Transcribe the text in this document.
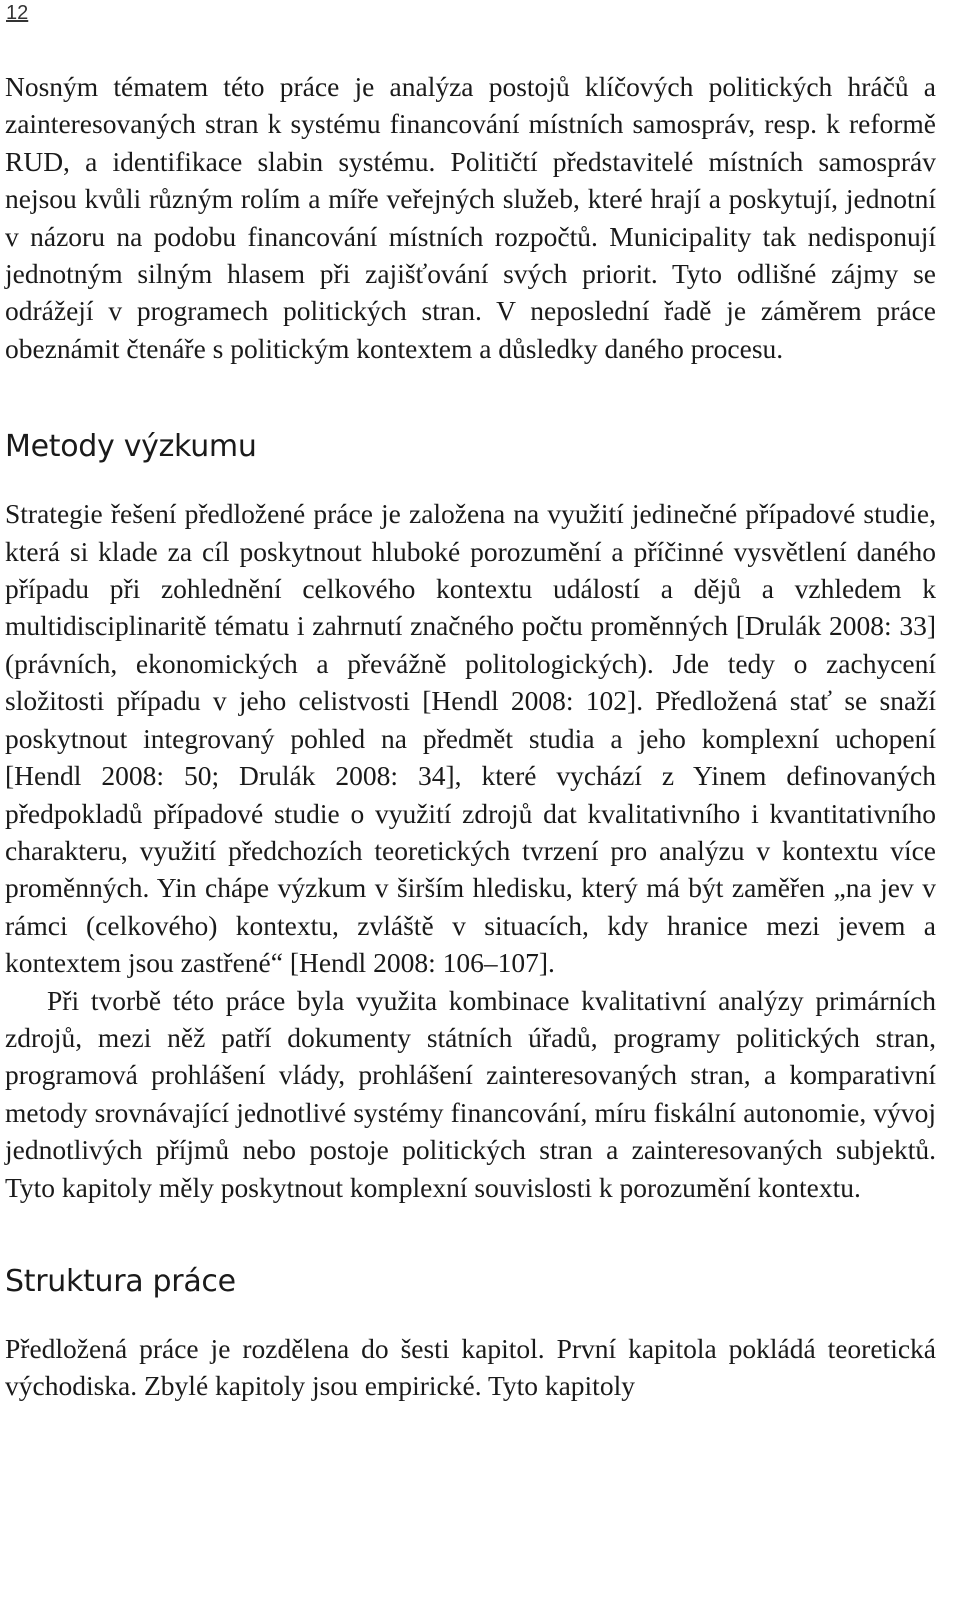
12

Nosným tématem této práce je analýza postojů klíčových politických hráčů a zainteresovaných stran k systému financování místních samospráv, resp. k reformě RUD, a identifikace slabin systému. Političtí představitelé místních samospráv nejsou kvůli různým rolím a míře veřejných služeb, které hrají a poskytují, jednotní v názoru na podobu financování místních rozpočtů. Municipality tak nedisponují jednotným silným hlasem při zajišťování svých priorit. Tyto odlišné zájmy se odrážejí v programech politických stran. V neposlední řadě je záměrem práce obeznámit čtenáře s politickým kontextem a důsledky daného procesu.

Metody výzkumu

Strategie řešení předložené práce je založena na využití jedinečné případové studie, která si klade za cíl poskytnout hluboké porozumění a příčinné vysvětlení daného případu při zohlednění celkového kontextu událostí a dějů a vzhledem k multidisciplinaritě tématu i zahrnutí značného počtu proměnných [Drulák 2008: 33] (právních, ekonomických a převážně politologických). Jde tedy o zachycení složitosti případu v jeho celistvosti [Hendl 2008: 102]. Předložená stať se snaží poskytnout integrovaný pohled na předmět studia a jeho komplexní uchopení [Hendl 2008: 50; Drulák 2008: 34], které vychází z Yinem definovaných předpokladů případové studie o využití zdrojů dat kvalitativního i kvantitativního charakteru, využití předchozích teoretických tvrzení pro analýzu v kontextu více proměnných. Yin chápe výzkum v širším hledisku, který má být zaměřen „na jev v rámci (celkového) kontextu, zvláště v situacích, kdy hranice mezi jevem a kontextem jsou zastřené“ [Hendl 2008: 106–107].

Při tvorbě této práce byla využita kombinace kvalitativní analýzy primárních zdrojů, mezi něž patří dokumenty státních úřadů, programy politických stran, programová prohlášení vlády, prohlášení zainteresovaných stran, a komparativní metody srovnávající jednotlivé systémy financování, míru fiskální autonomie, vývoj jednotlivých příjmů nebo postoje politických stran a zainteresovaných subjektů. Tyto kapitoly měly poskytnout komplexní souvislosti k porozumění kontextu.

Struktura práce

Předložená práce je rozdělena do šesti kapitol. První kapitola pokládá teoretická východiska. Zbylé kapitoly jsou empirické. Tyto kapitoly
